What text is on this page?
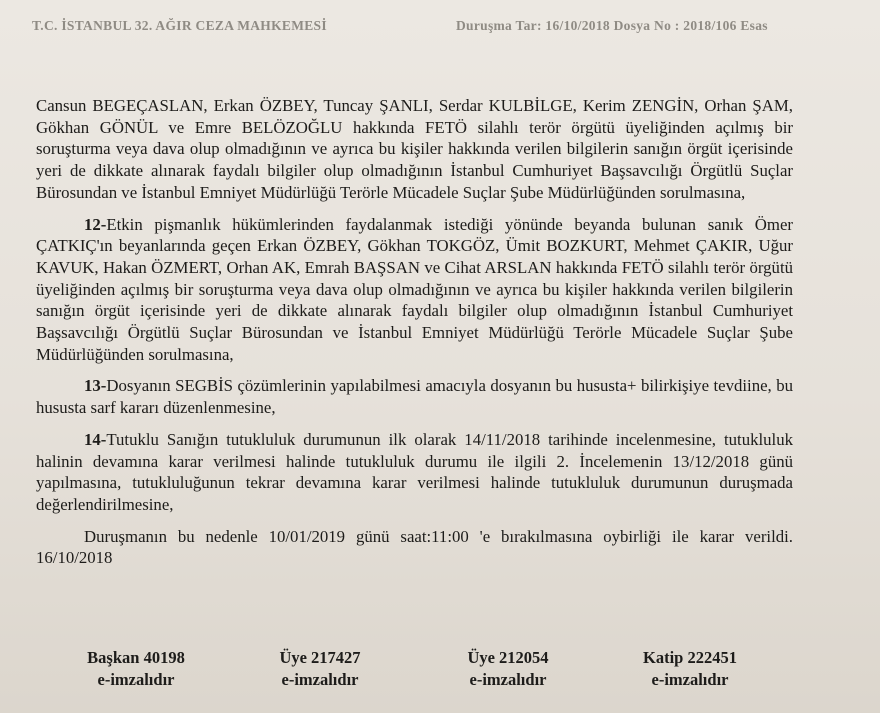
T.C. İSTANBUL 32. AĞIR CEZA MAHKEMESİ	Duruşma Tar: 16/10/2018 Dosya No : 2018/106 Esas

Cansun BEGEÇASLAN, Erkan ÖZBEY, Tuncay ŞANLI, Serdar KULBİLGE, Kerim ZENGİN, Orhan ŞAM, Gökhan GÖNÜL ve Emre BELÖZOĞLU hakkında FETÖ silahlı terör örgütü üyeliğinden açılmış bir soruşturma veya dava olup olmadığının ve ayrıca bu kişiler hakkında verilen bilgilerin sanığın örgüt içerisinde yeri de dikkate alınarak faydalı bilgiler olup olmadığının İstanbul Cumhuriyet Başsavcılığı Örgütlü Suçlar Bürosundan ve İstanbul Emniyet Müdürlüğü Terörle Mücadele Suçlar Şube Müdürlüğünden sorulmasına,

12-Etkin pişmanlık hükümlerinden faydalanmak istediği yönünde beyanda bulunan sanık Ömer ÇATKIÇ'ın beyanlarında geçen Erkan ÖZBEY, Gökhan TOKGÖZ, Ümit BOZKURT, Mehmet ÇAKIR, Uğur KAVUK, Hakan ÖZMERT, Orhan AK, Emrah BAŞSAN ve Cihat ARSLAN hakkında FETÖ silahlı terör örgütü üyeliğinden açılmış bir soruşturma veya dava olup olmadığının ve ayrıca bu kişiler hakkında verilen bilgilerin sanığın örgüt içerisinde yeri de dikkate alınarak faydalı bilgiler olup olmadığının İstanbul Cumhuriyet Başsavcılığı Örgütlü Suçlar Bürosundan ve İstanbul Emniyet Müdürlüğü Terörle Mücadele Suçlar Şube Müdürlüğünden sorulmasına,

13-Dosyanın SEGBİS çözümlerinin yapılabilmesi amacıyla dosyanın bu hususta+ bilirkişiye tevdiine, bu hususta sarf kararı düzenlenmesine,

14-Tutuklu Sanığın tutukluluk durumunun ilk olarak 14/11/2018 tarihinde incelenmesine, tutukluluk halinin devamına karar verilmesi halinde tutukluluk durumu ile ilgili 2. İncelemenin 13/12/2018 günü yapılmasına, tutukluluğunun tekrar devamına karar verilmesi halinde tutukluluk durumunun duruşmada değerlendirilmesine,

Duruşmanın bu nedenle 10/01/2019 günü saat:11:00 'e bırakılmasına oybirliği ile karar verildi. 16/10/2018

Başkan 40198
e-imzalıdır
Üye 217427
e-imzalıdır
Üye 212054
e-imzalıdır
Katip 222451
e-imzalıdır
